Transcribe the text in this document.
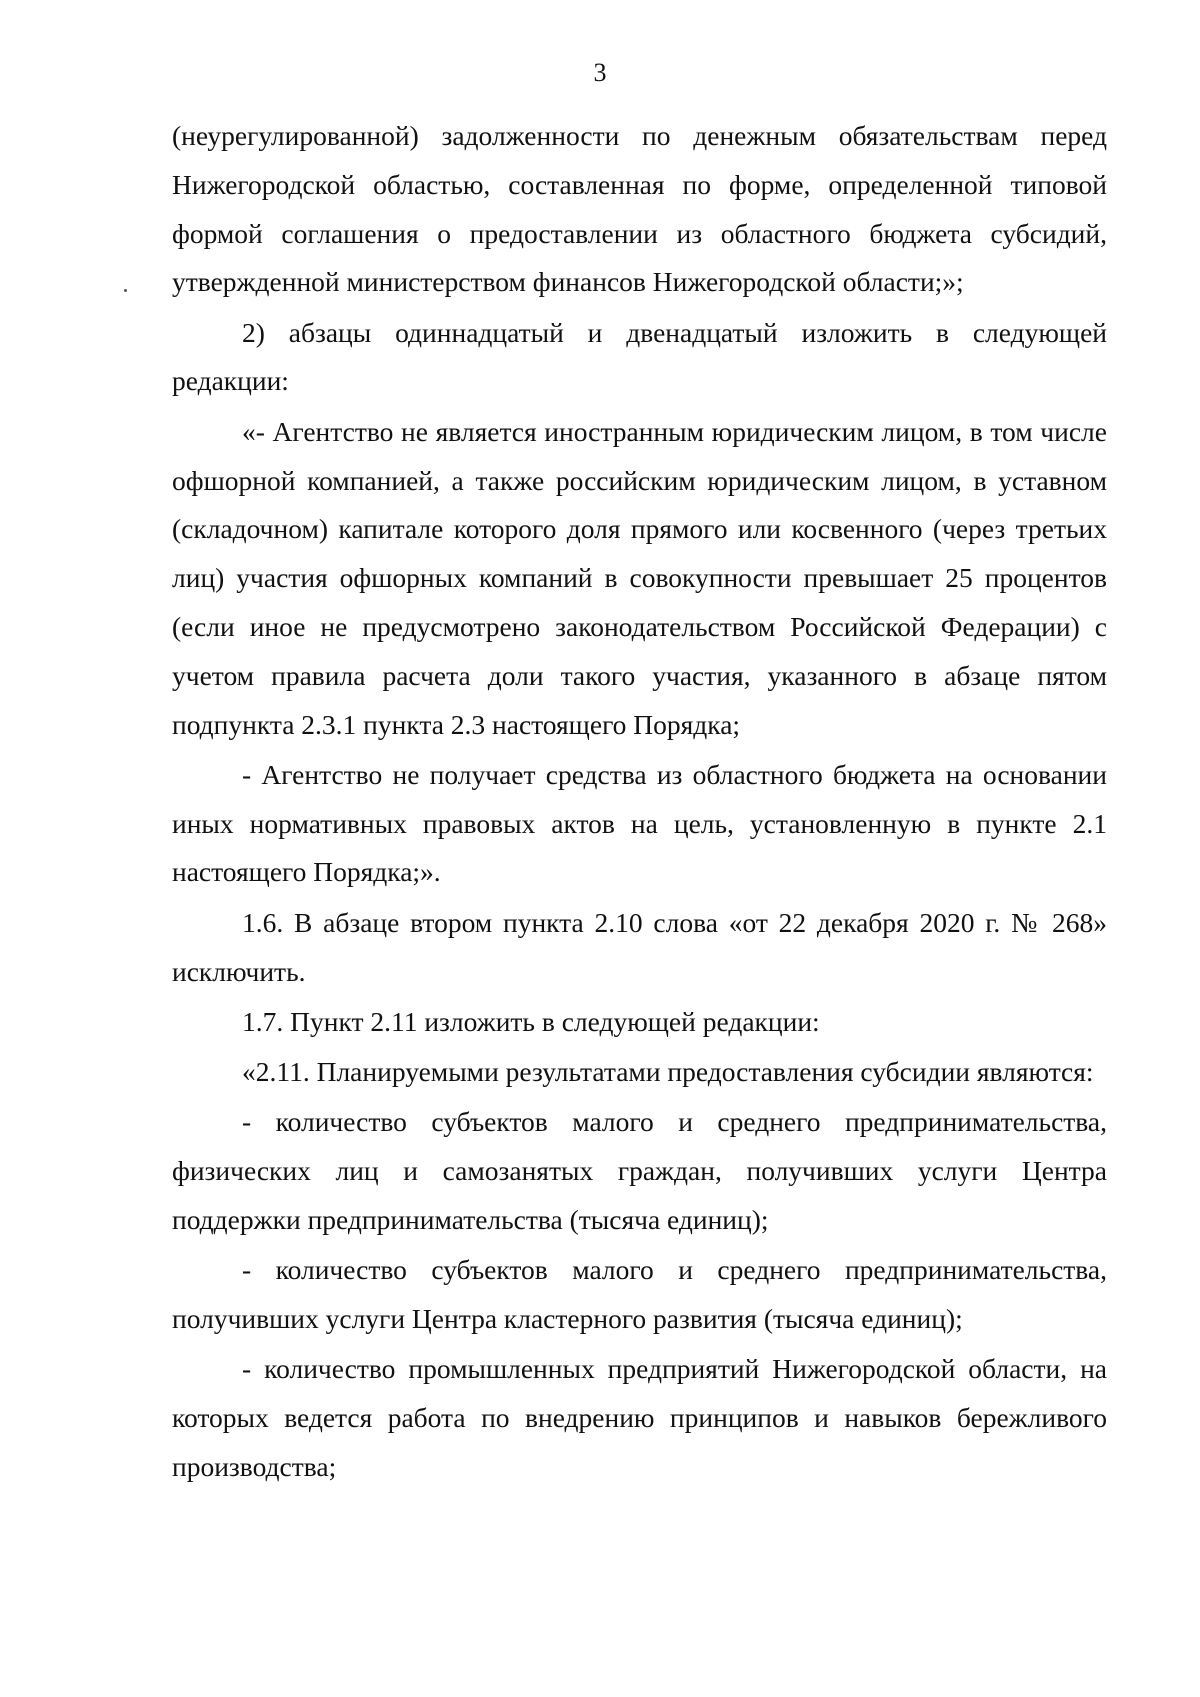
3

(неурегулированной) задолженности по денежным обязательствам перед Нижегородской областью, составленная по форме, определенной типовой формой соглашения о предоставлении из областного бюджета субсидий, утвержденной министерством финансов Нижегородской области;»;

2) абзацы одиннадцатый и двенадцатый изложить в следующей редакции:

«- Агентство не является иностранным юридическим лицом, в том числе офшорной компанией, а также российским юридическим лицом, в уставном (складочном) капитале которого доля прямого или косвенного (через третьих лиц) участия офшорных компаний в совокупности превышает 25 процентов (если иное не предусмотрено законодательством Российской Федерации) с учетом правила расчета доли такого участия, указанного в абзаце пятом подпункта 2.3.1 пункта 2.3 настоящего Порядка;

- Агентство не получает средства из областного бюджета на основании иных нормативных правовых актов на цель, установленную в пункте 2.1 настоящего Порядка;».

1.6. В абзаце втором пункта 2.10 слова «от 22 декабря 2020 г. № 268» исключить.

1.7. Пункт 2.11 изложить в следующей редакции:

«2.11. Планируемыми результатами предоставления субсидии являются:

- количество субъектов малого и среднего предпринимательства, физических лиц и самозанятых граждан, получивших услуги Центра поддержки предпринимательства (тысяча единиц);

- количество субъектов малого и среднего предпринимательства, получивших услуги Центра кластерного развития (тысяча единиц);

- количество промышленных предприятий Нижегородской области, на которых ведется работа по внедрению принципов и навыков бережливого производства;
